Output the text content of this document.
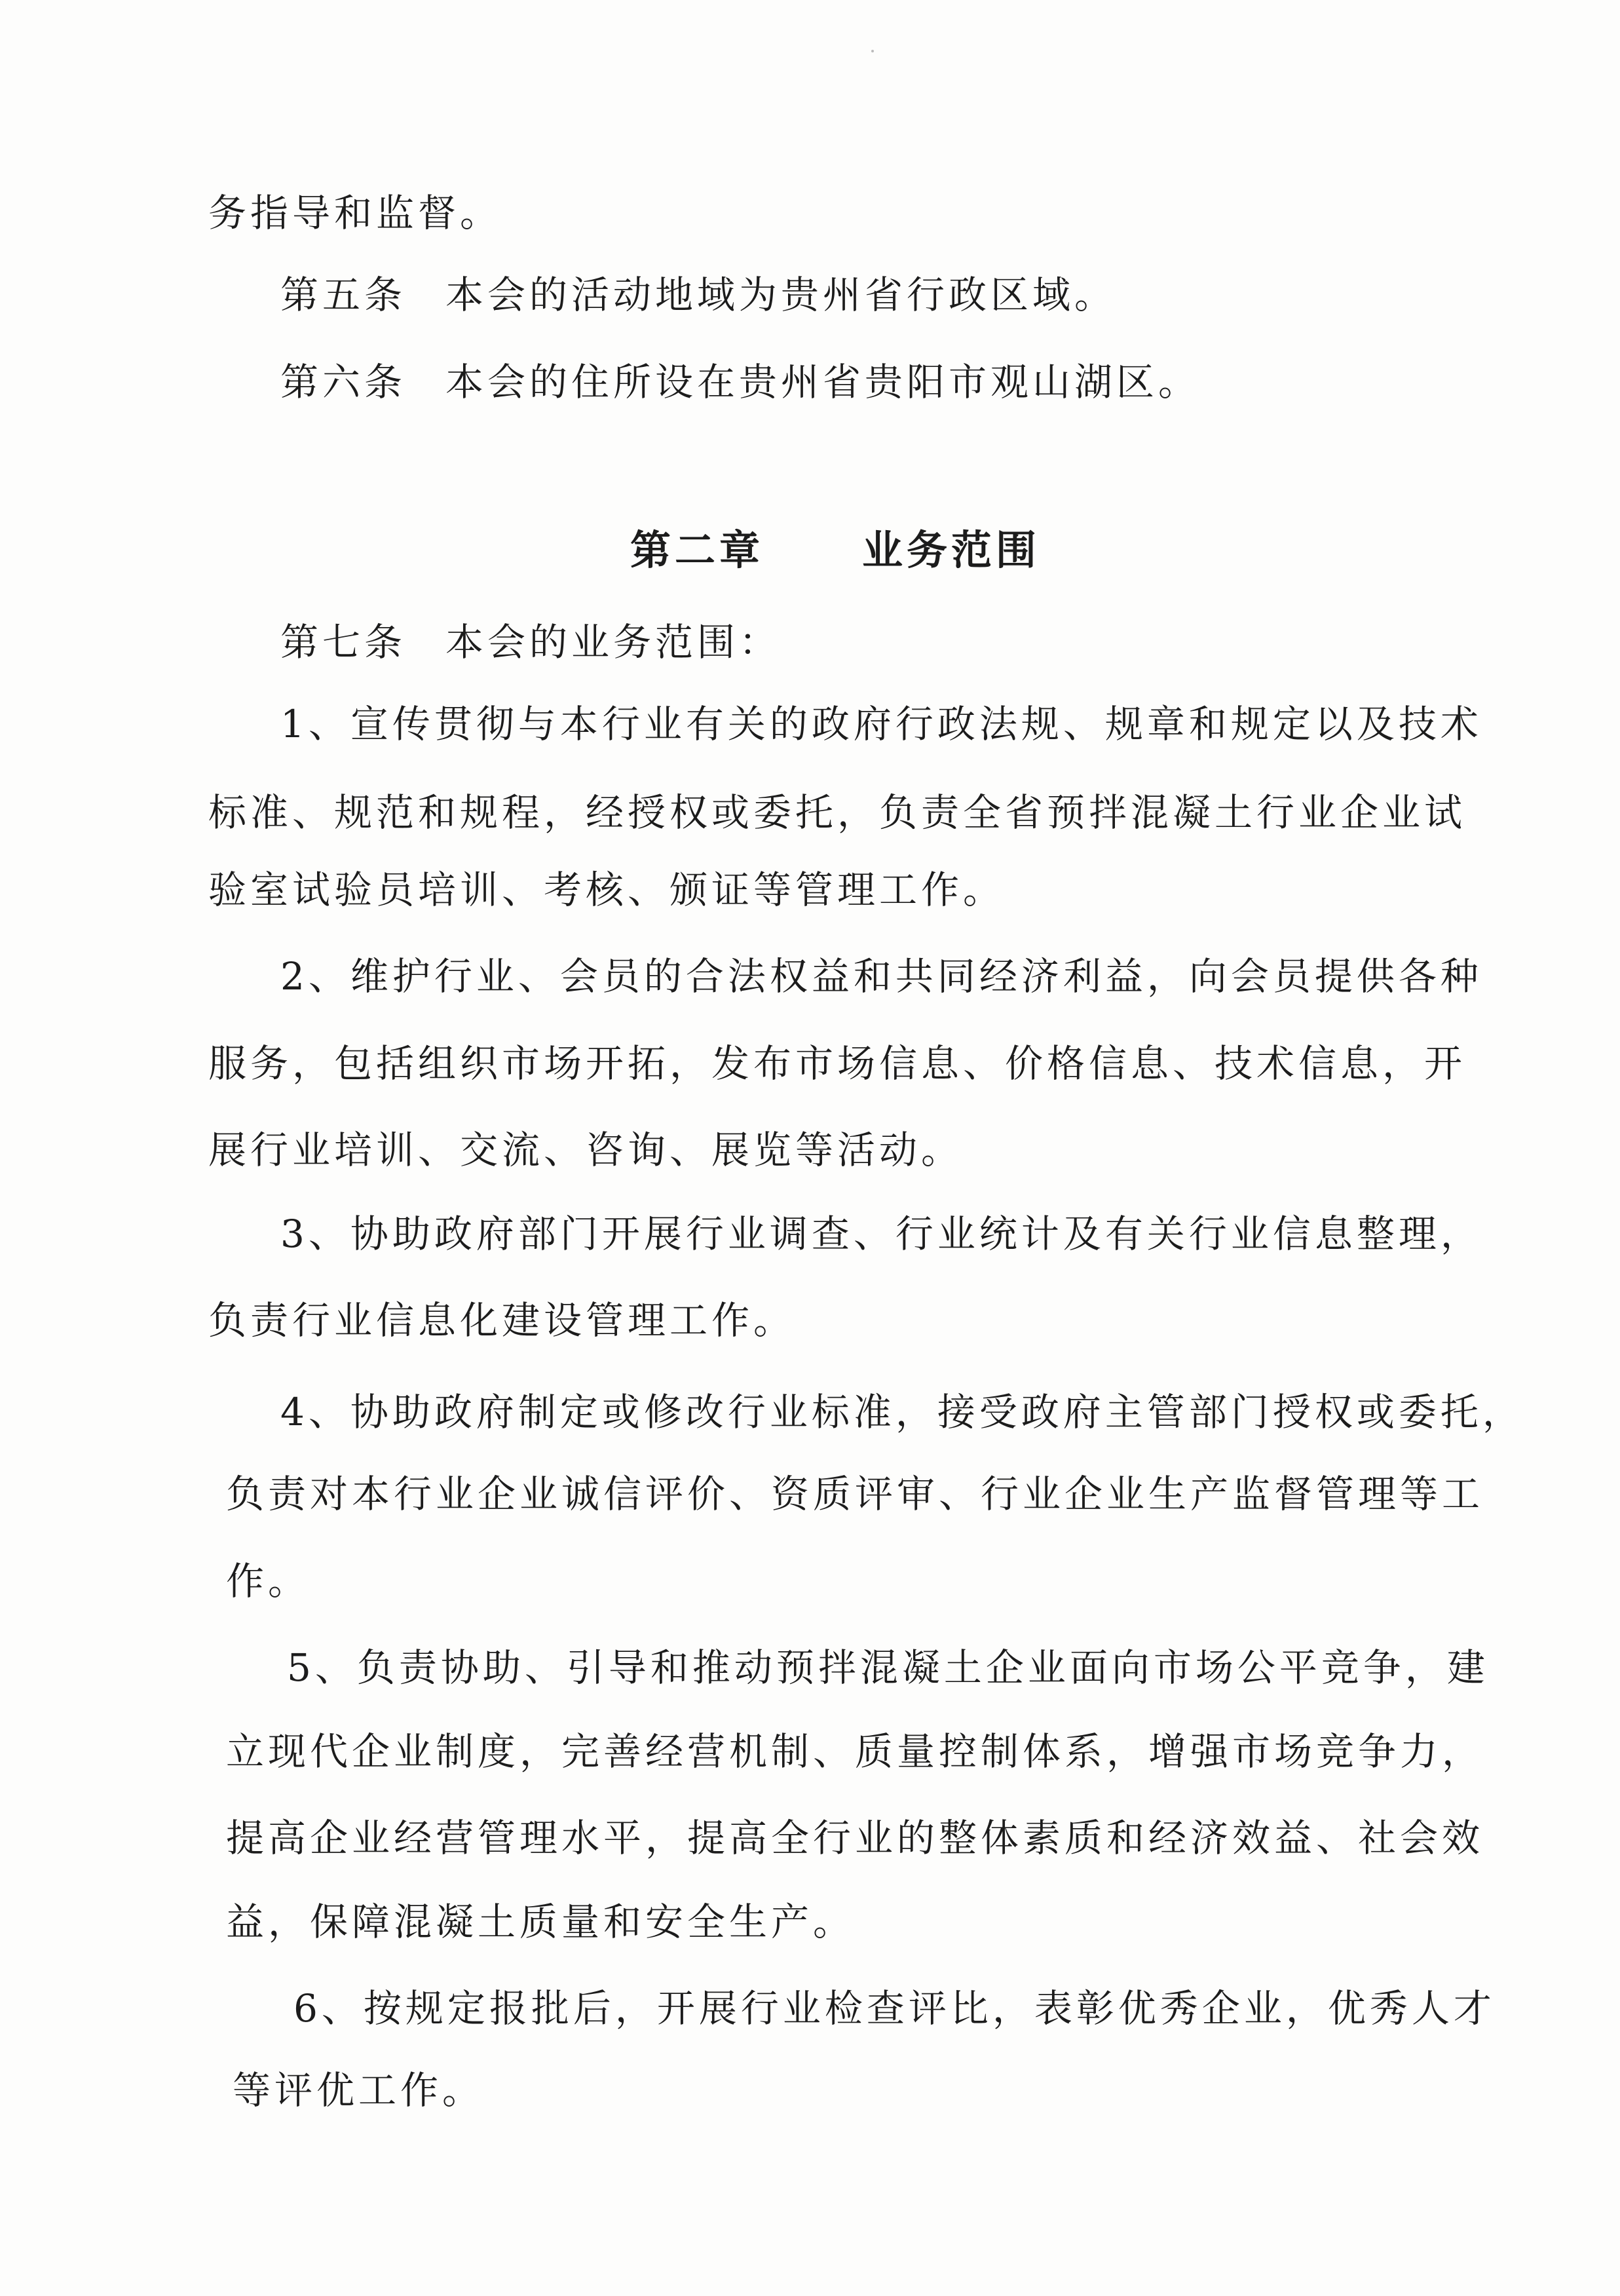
务指导和监督。
第五条 本会的活动地域为贵州省行政区域。
第六条 本会的住所设在贵州省贵阳市观山湖区。
第二章 业务范围
第七条 本会的业务范围：
1、宣传贯彻与本行业有关的政府行政法规、规章和规定以及技术
标准、规范和规程，经授权或委托，负责全省预拌混凝土行业企业试
验室试验员培训、考核、颁证等管理工作。
2、维护行业、会员的合法权益和共同经济利益，向会员提供各种
服务，包括组织市场开拓，发布市场信息、价格信息、技术信息，开
展行业培训、交流、咨询、展览等活动。
3、协助政府部门开展行业调查、行业统计及有关行业信息整理，
负责行业信息化建设管理工作。
4、协助政府制定或修改行业标准，接受政府主管部门授权或委托，
负责对本行业企业诚信评价、资质评审、行业企业生产监督管理等工
作。
5、负责协助、引导和推动预拌混凝土企业面向市场公平竞争，建
立现代企业制度，完善经营机制、质量控制体系，增强市场竞争力，
提高企业经营管理水平，提高全行业的整体素质和经济效益、社会效
益，保障混凝土质量和安全生产。
6、按规定报批后，开展行业检查评比，表彰优秀企业，优秀人才
等评优工作。
